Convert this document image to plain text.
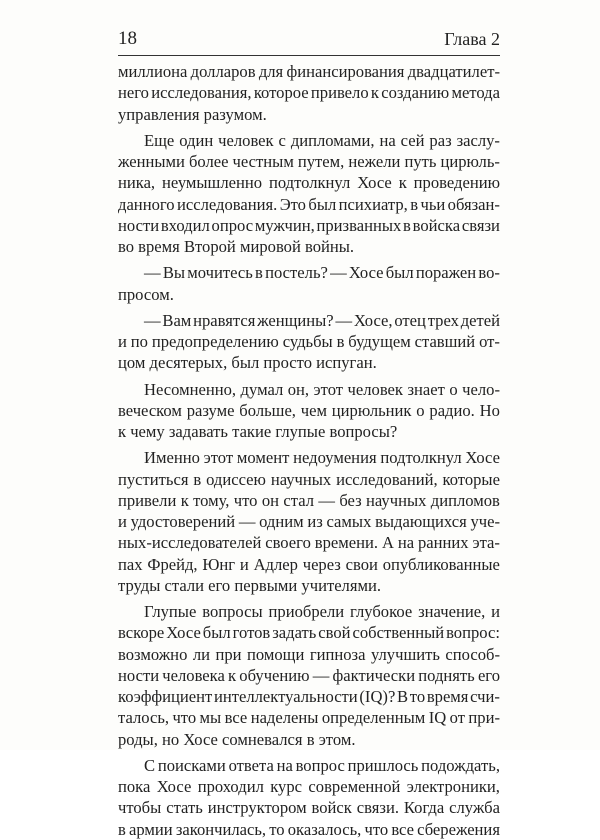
18	Глава 2
миллиона долларов для финансирования двадцатилет-
него исследования, которое привело к созданию метода
управления разумом.
Еще один человек с дипломами, на сей раз заслу-
женными более честным путем, нежели путь цирюль-
ника, неумышленно подтолкнул Хосе к проведению
данного исследования. Это был психиатр, в чьи обязан-
ности входил опрос мужчин, призванных в войска связи
во время Второй мировой войны.
— Вы мочитесь в постель? — Хосе был поражен во-
просом.
— Вам нравятся женщины? — Хосе, отец трех детей
и по предопределению судьбы в будущем ставший от-
цом десятерых, был просто испуган.
Несомненно, думал он, этот человек знает о чело-
веческом разуме больше, чем цирюльник о радио. Но
к чему задавать такие глупые вопросы?
Именно этот момент недоумения подтолкнул Хосе
пуститься в одиссею научных исследований, которые
привели к тому, что он стал — без научных дипломов
и удостоверений — одним из самых выдающихся уче-
ных-исследователей своего времени. А на ранних эта-
пах Фрейд, Юнг и Адлер через свои опубликованные
труды стали его первыми учителями.
Глупые вопросы приобрели глубокое значение, и
вскоре Хосе был готов задать свой собственный вопрос:
возможно ли при помощи гипноза улучшить способ-
ности человека к обучению — фактически поднять его
коэффициент интеллектуальности (IQ)? В то время счи-
талось, что мы все наделены определенным IQ от при-
роды, но Хосе сомневался в этом.
С поисками ответа на вопрос пришлось подождать,
пока Хосе проходил курс современной электроники,
чтобы стать инструктором войск связи. Когда служба
в армии закончилась, то оказалось, что все сбережения
